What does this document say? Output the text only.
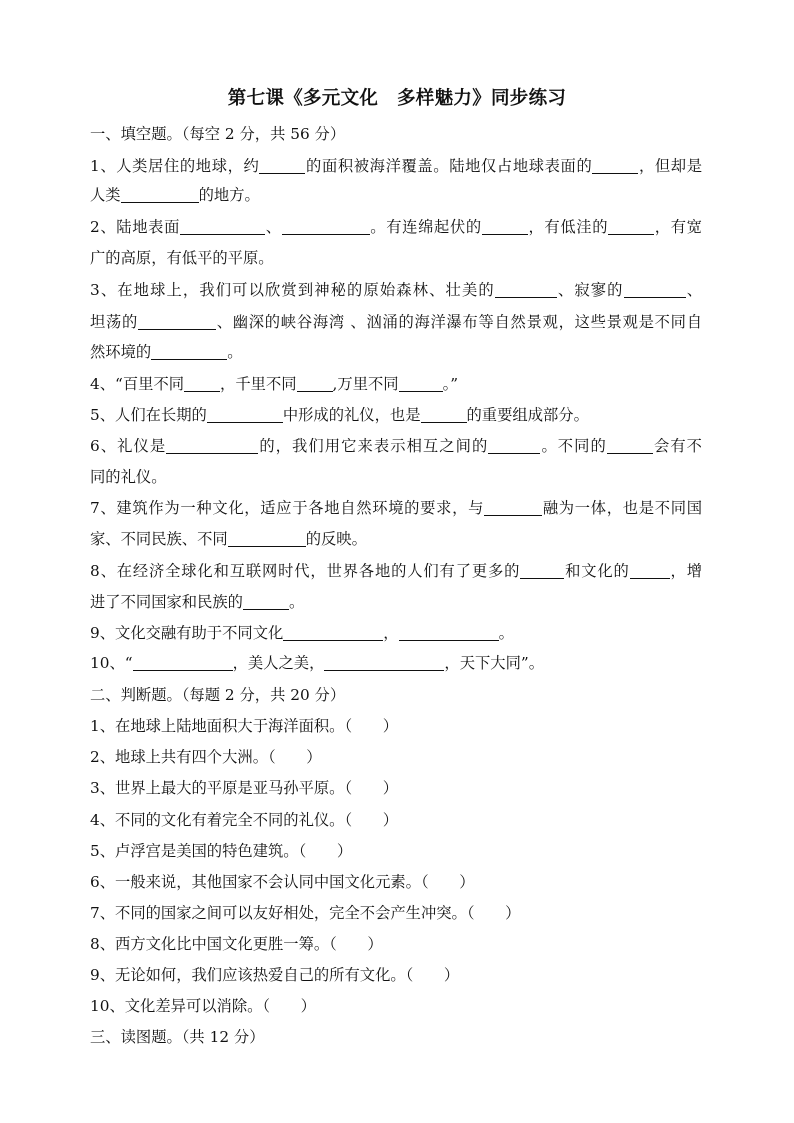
第七课《多元文化　多样魅力》同步练习
一、填空题。（每空 2 分，共 56 分）
1、人类居住的地球，约	的面积被海洋覆盖。陆地仅占地球表面的	，但却是
人类	的地方。
2、陆地表面	、	。有连绵起伏的	，有低洼的	，有宽
广的高原，有低平的平原。
3、在地球上，我们可以欣赏到神秘的原始森林、壮美的	、寂寥的	、
坦荡的	、幽深的峡谷海湾 、汹涌的海洋瀑布等自然景观，这些景观是不同自
然环境的	。
4、“百里不同 ，千里不同 ,万里不同	。”
5、人们在长期的	中形成的礼仪，也是	的重要组成部分。
6、礼仪是	的，我们用它来表示相互之间的	。不同的	会有不
同的礼仪。
7、建筑作为一种文化，适应于各地自然环境的要求，与	融为一体，也是不同国
家、不同民族、不同	的反映。
8、在经济全球化和互联网时代，世界各地的人们有了更多的	和文化的	，增
进了不同国家和民族的	。
9、文化交融有助于不同文化	，	。
10、“	，美人之美，	，天下大同”。
二、判断题。（每题 2 分，共 20 分）
1、在地球上陆地面积大于海洋面积。（　　）
2、地球上共有四个大洲。（　　）
3、世界上最大的平原是亚马孙平原。（　　）
4、不同的文化有着完全不同的礼仪。（　　）
5、卢浮宫是美国的特色建筑。（　　）
6、一般来说，其他国家不会认同中国文化元素。（　　）
7、不同的国家之间可以友好相处，完全不会产生冲突。（　　）
8、西方文化比中国文化更胜一筹。（　　）
9、无论如何，我们应该热爱自己的所有文化。（　　）
10、文化差异可以消除。（　　）
三、读图题。（共 12 分）
